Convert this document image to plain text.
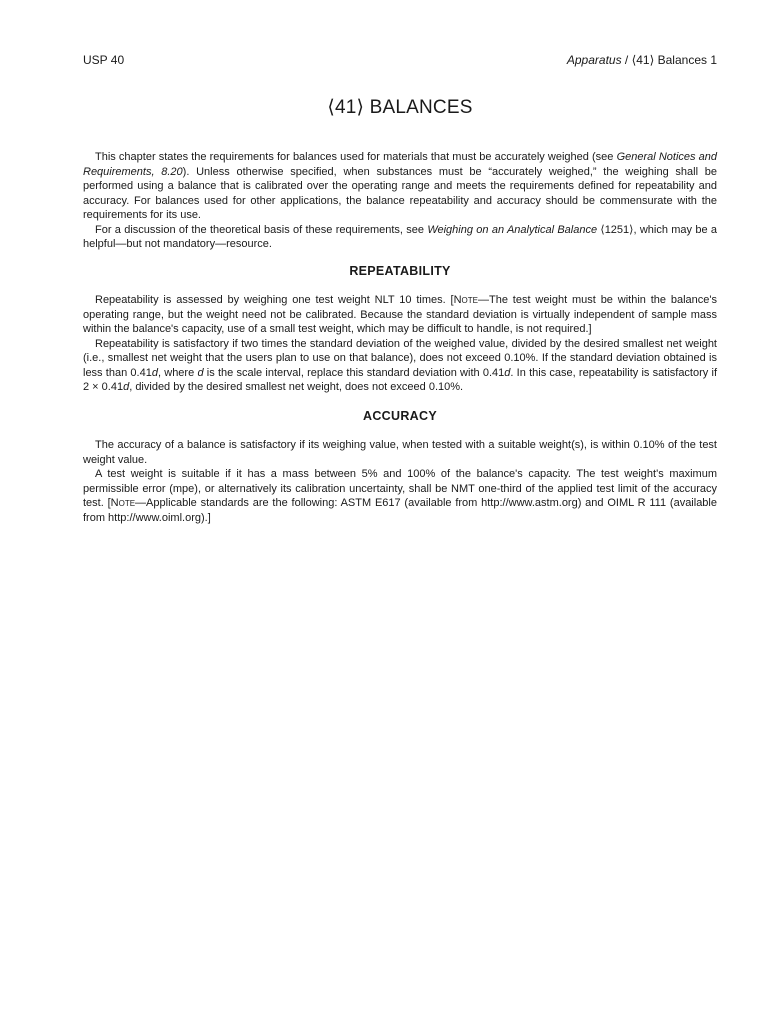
USP 40	Apparatus / ⟨41⟩ Balances 1
⟨41⟩ BALANCES

This chapter states the requirements for balances used for materials that must be accurately weighed (see General Notices and Requirements, 8.20). Unless otherwise specified, when substances must be “accurately weighed,” the weighing shall be performed using a balance that is calibrated over the operating range and meets the requirements defined for repeatability and accuracy. For balances used for other applications, the balance repeatability and accuracy should be commensurate with the requirements for its use.

For a discussion of the theoretical basis of these requirements, see Weighing on an Analytical Balance ⟨1251⟩, which may be a helpful—but not mandatory—resource.

REPEATABILITY

Repeatability is assessed by weighing one test weight NLT 10 times. [Note—The test weight must be within the balance's operating range, but the weight need not be calibrated. Because the standard deviation is virtually independent of sample mass within the balance's capacity, use of a small test weight, which may be difficult to handle, is not required.]

Repeatability is satisfactory if two times the standard deviation of the weighed value, divided by the desired smallest net weight (i.e., smallest net weight that the users plan to use on that balance), does not exceed 0.10%. If the standard deviation obtained is less than 0.41d, where d is the scale interval, replace this standard deviation with 0.41d. In this case, repeatability is satisfactory if 2 × 0.41d, divided by the desired smallest net weight, does not exceed 0.10%.

ACCURACY

The accuracy of a balance is satisfactory if its weighing value, when tested with a suitable weight(s), is within 0.10% of the test weight value.

A test weight is suitable if it has a mass between 5% and 100% of the balance's capacity. The test weight's maximum permissible error (mpe), or alternatively its calibration uncertainty, shall be NMT one-third of the applied test limit of the accuracy test. [Note—Applicable standards are the following: ASTM E617 (available from http://www.astm.org) and OIML R 111 (available from http://www.oiml.org).]
